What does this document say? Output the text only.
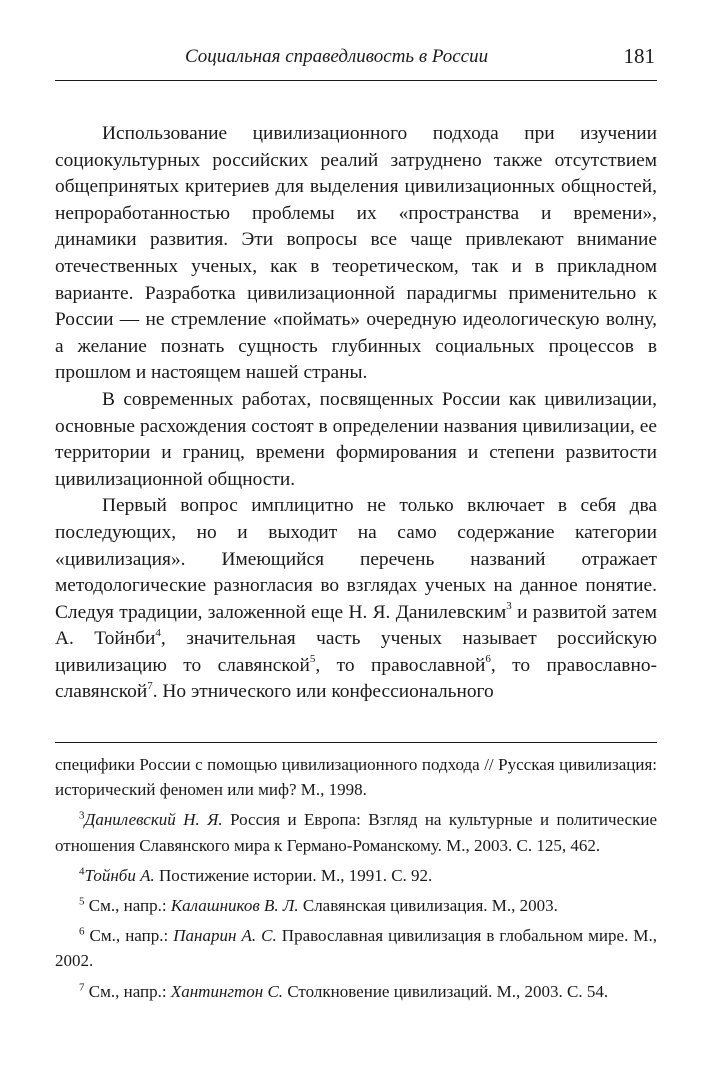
Социальная справедливость в России	181

Использование цивилизационного подхода при изучении социокультурных российских реалий затруднено также отсутствием общепринятых критериев для выделения цивилизационных общностей, непроработанностью проблемы их «пространства и времени», динамики развития. Эти вопросы все чаще привлекают внимание отечественных ученых, как в теоретическом, так и в прикладном варианте. Разработка цивилизационной парадигмы применительно к России — не стремление «поймать» очередную идеологическую волну, а желание познать сущность глубинных социальных процессов в прошлом и настоящем нашей страны.

В современных работах, посвященных России как цивилизации, основные расхождения состоят в определении названия цивилизации, ее территории и границ, времени формирования и степени развитости цивилизационной общности.

Первый вопрос имплицитно не только включает в себя два последующих, но и выходит на само содержание категории «цивилизация». Имеющийся перечень названий отражает методологические разногласия во взглядах ученых на данное понятие. Следуя традиции, заложенной еще Н. Я. Данилевским$^3$ и развитой затем А. Тойнби$^4$, значительная часть ученых называет российскую цивилизацию то славянской$^5$, то православной$^6$, то православно-славянской$^7$. Но этнического или конфессионального

специфики России с помощью цивилизационного подхода // Русская цивилизация: исторический феномен или миф? М., 1998.

$^3$Данилевский Н. Я. Россия и Европа: Взгляд на культурные и политические отношения Славянского мира к Германо-Романскому. М., 2003. С. 125, 462.

$^4$Тойнби А. Постижение истории. М., 1991. С. 92.

$^5$ См., напр.: Калашников В. Л. Славянская цивилизация. М., 2003.

$^6$ См., напр.: Панарин А. С. Православная цивилизация в глобальном мире. М., 2002.

$^7$ См., напр.: Хантингтон С. Столкновение цивилизаций. М., 2003. С. 54.
